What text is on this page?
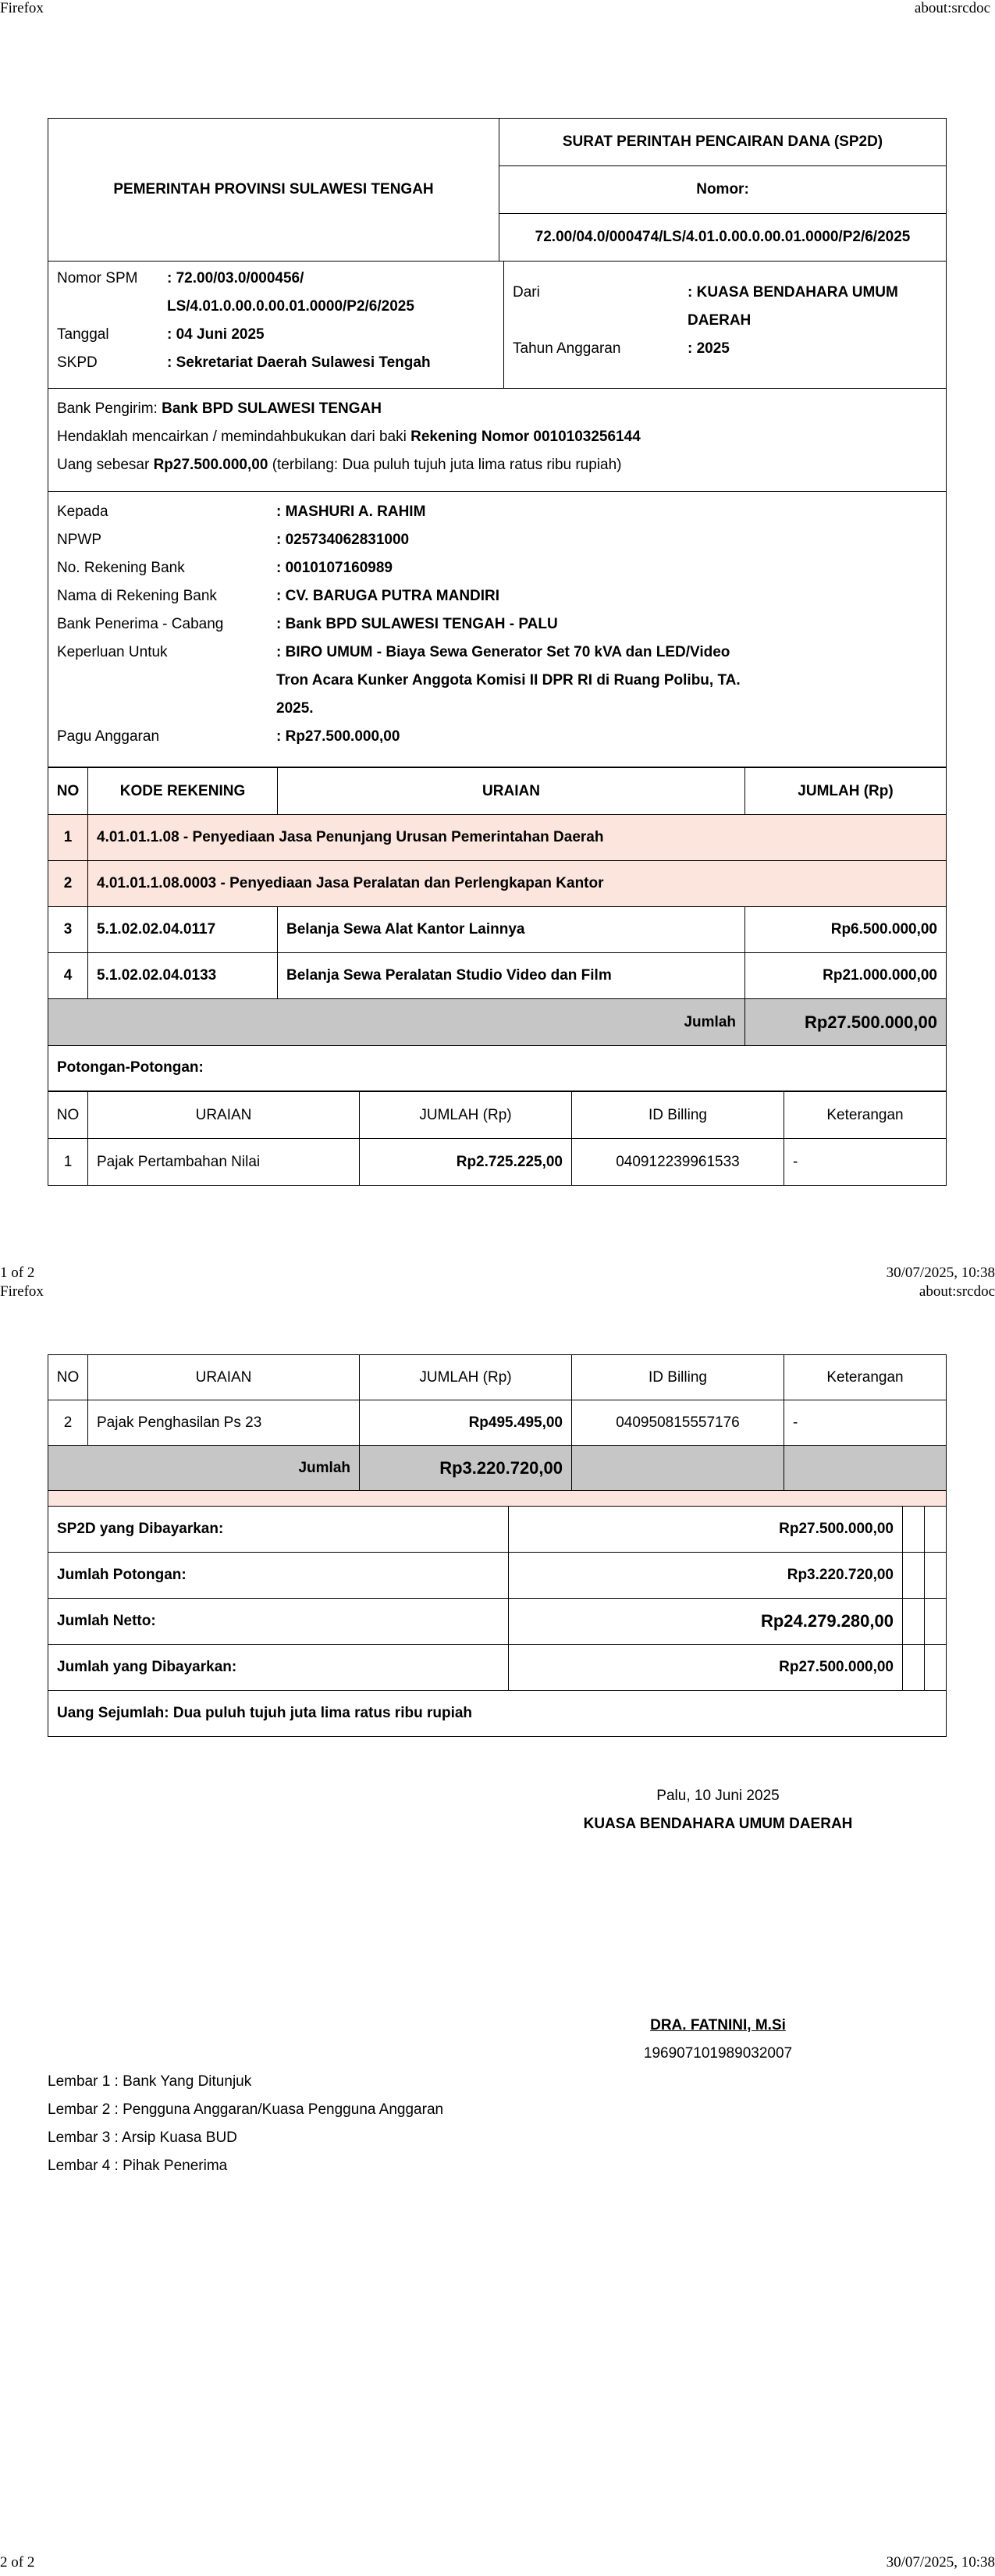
Firefox	about:srcdoc
PEMERINTAH PROVINSI SULAWESI TENGAH	SURAT PERINTAH PENCAIRAN DANA (SP2D)
Nomor:
72.00/04.0/000474/LS/4.01.0.00.0.00.01.0000/P2/6/2025
Nomor SPM : 72.00/03.0/000456/
LS/4.01.0.00.0.00.01.0000/P2/6/2025
Tanggal	: 04 Juni 2025
SKPD	: Sekretariat Daerah Sulawesi Tengah
Dari	: KUASA BENDAHARA UMUM
DAERAH
Tahun Anggaran	: 2025
Bank Pengirim: Bank BPD SULAWESI TENGAH
Hendaklah mencairkan / memindahbukukan dari baki Rekening Nomor 0010103256144
Uang sebesar Rp27.500.000,00 (terbilang: Dua puluh tujuh juta lima ratus ribu rupiah)
Kepada	: MASHURI A. RAHIM
NPWP	: 025734062831000
No. Rekening Bank	: 0010107160989
Nama di Rekening Bank	: CV. BARUGA PUTRA MANDIRI
Bank Penerima - Cabang	: Bank BPD SULAWESI TENGAH - PALU
Keperluan Untuk	: BIRO UMUM - Biaya Sewa Generator Set 70 kVA dan LED/Video
Tron Acara Kunker Anggota Komisi II DPR RI di Ruang Polibu, TA.
2025.
Pagu Anggaran	: Rp27.500.000,00
NO	KODE REKENING	URAIAN	JUMLAH (Rp)
1	4.01.01.1.08 - Penyediaan Jasa Penunjang Urusan Pemerintahan Daerah		
2	4.01.01.1.08.0003 - Penyediaan Jasa Peralatan dan Perlengkapan Kantor		
3	5.1.02.02.04.0117	Belanja Sewa Alat Kantor Lainnya	Rp6.500.000,00
4	5.1.02.02.04.0133	Belanja Sewa Peralatan Studio Video dan Film	Rp21.000.000,00
Jumlah			Rp27.500.000,00
Potongan-Potongan:
NO	URAIAN	JUMLAH (Rp)	ID Billing	Keterangan
1	Pajak Pertambahan Nilai	Rp2.725.225,00	040912239961533	-
1 of 2	30/07/2025, 10:38
Firefox	about:srcdoc
NO	URAIAN	JUMLAH (Rp)	ID Billing	Keterangan
2	Pajak Penghasilan Ps 23	Rp495.495,00	040950815557176	-
Jumlah		Rp3.220.720,00		

SP2D yang Dibayarkan:	Rp27.500.000,00		
Jumlah Potongan:	Rp3.220.720,00		
Jumlah Netto:	Rp24.279.280,00		
Jumlah yang Dibayarkan:	Rp27.500.000,00		
Uang Sejumlah: Dua puluh tujuh juta lima ratus ribu rupiah			
Palu, 10 Juni 2025
KUASA BENDAHARA UMUM DAERAH
DRA. FATNINI, M.Si
196907101989032007
Lembar 1 : Bank Yang Ditunjuk
Lembar 2 : Pengguna Anggaran/Kuasa Pengguna Anggaran
Lembar 3 : Arsip Kuasa BUD
Lembar 4 : Pihak Penerima
2 of 2	30/07/2025, 10:38
